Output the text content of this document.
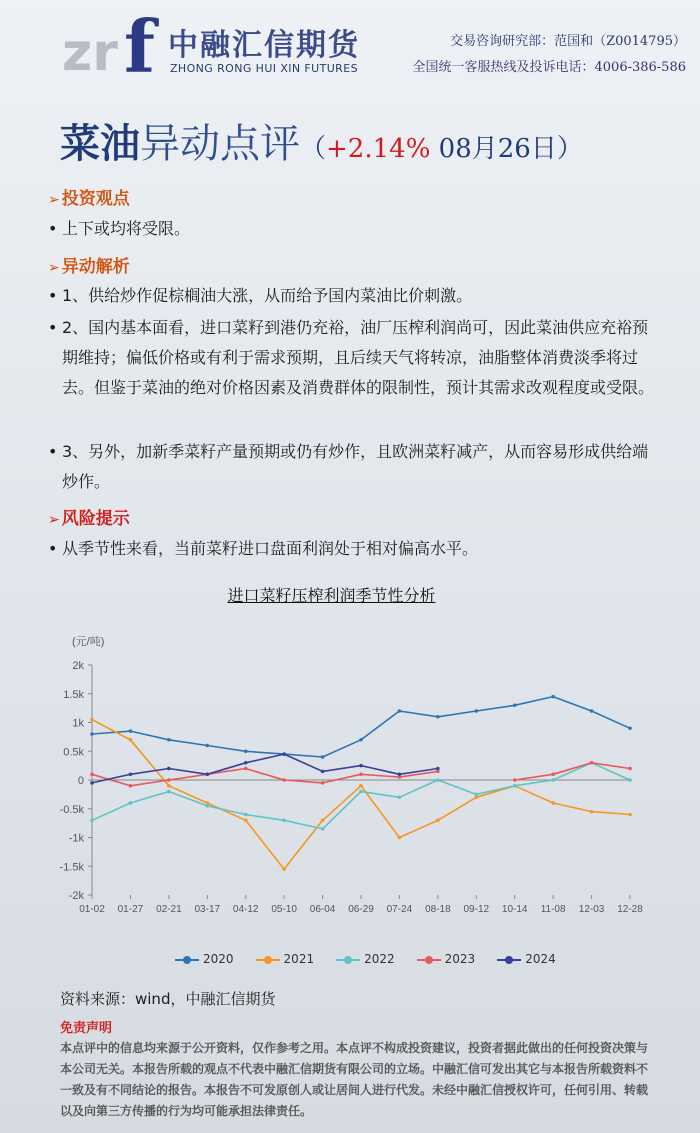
zr f 中融汇信期货
ZHONG RONG HUI XIN FUTURES
交易咨询研究部：范国和（Z0014795）
全国统一客服热线及投诉电话：4006-386-586
菜油异动点评（+2.14% 08月26日）
➢ 投资观点
• 上下或均将受限。
➢ 异动解析
• 1、供给炒作促棕榈油大涨，从而给予国内菜油比价刺激。
• 2、国内基本面看，进口菜籽到港仍充裕，油厂压榨利润尚可，因此菜油供应充裕预期维持；偏低价格或有利于需求预期，且后续天气将转凉，油脂整体消费淡季将过去。但鉴于菜油的绝对价格因素及消费群体的限制性，预计其需求改观程度或受限。
• 3、另外，加新季菜籽产量预期或仍有炒作，且欧洲菜籽减产，从而容易形成供给端炒作。
➢ 风险提示
• 从季节性来看，当前菜籽进口盘面利润处于相对偏高水平。
进口菜籽压榨利润季节性分析
(元/吨)
2k
1.5k
1k
0.5k
0
-0.5k
-1k
-1.5k
-2k
01-02 01-27 02-21 03-17 04-12 05-10 06-04 06-29 07-24 08-18 09-12 10-14 11-08 12-03 12-28
2020	2021	2022	2023	2024
资料来源：wind，中融汇信期货
免责声明
本点评中的信息均来源于公开资料，仅作参考之用。本点评不构成投资建议，投资者据此做出的任何投资决策与本公司无关。本报告所载的观点不代表中融汇信期货有限公司的立场。中融汇信可发出其它与本报告所载资料不一致及有不同结论的报告。本报告不可发原创人或让居间人进行代发。未经中融汇信授权许可，任何引用、转载以及向第三方传播的行为均可能承担法律责任。
